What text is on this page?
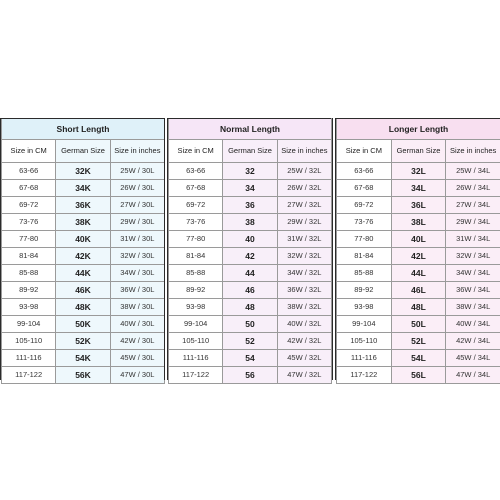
Short Length		
Size in CM	German Size	Size in inches
63-66	32K	25W / 30L
67-68	34K	26W / 30L
69-72	36K	27W / 30L
73-76	38K	29W / 30L
77-80	40K	31W / 30L
81-84	42K	32W / 30L
85-88	44K	34W / 30L
89-92	46K	36W / 30L
93-98	48K	38W / 30L
99-104	50K	40W / 30L
105-110	52K	42W / 30L
111-116	54K	45W / 30L
117-122	56K	47W / 30L
Normal Length		
Size in CM	German Size	Size in inches
63-66	32	25W / 32L
67-68	34	26W / 32L
69-72	36	27W / 32L
73-76	38	29W / 32L
77-80	40	31W / 32L
81-84	42	32W / 32L
85-88	44	34W / 32L
89-92	46	36W / 32L
93-98	48	38W / 32L
99-104	50	40W / 32L
105-110	52	42W / 32L
111-116	54	45W / 32L
117-122	56	47W / 32L
Longer Length		
Size in CM	German Size	Size in inches
63-66	32L	25W / 34L
67-68	34L	26W / 34L
69-72	36L	27W / 34L
73-76	38L	29W / 34L
77-80	40L	31W / 34L
81-84	42L	32W / 34L
85-88	44L	34W / 34L
89-92	46L	36W / 34L
93-98	48L	38W / 34L
99-104	50L	40W / 34L
105-110	52L	42W / 34L
111-116	54L	45W / 34L
117-122	56L	47W / 34L
